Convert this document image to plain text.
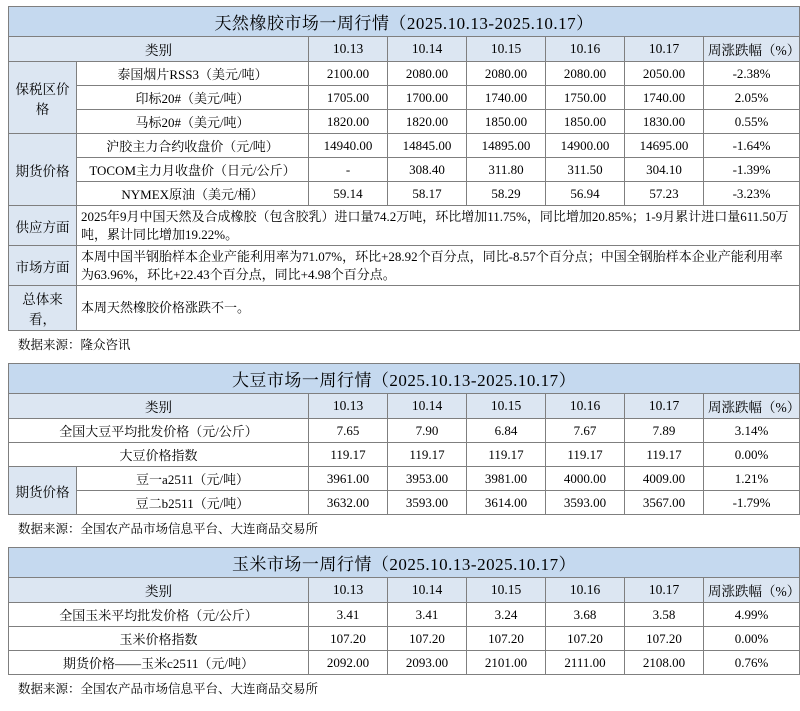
天然橡胶市场一周行情（2025.10.13-2025.10.17）							
类别		10.13	10.14	10.15	10.16	10.17	周涨跌幅（%）
保税区价格	泰国烟片RSS3（美元/吨）	2100.00	2080.00	2080.00	2080.00	2050.00	-2.38%
	印标20#（美元/吨）	1705.00	1700.00	1740.00	1750.00	1740.00	2.05%
	马标20#（美元/吨）	1820.00	1820.00	1850.00	1850.00	1830.00	0.55%
期货价格	沪胶主力合约收盘价（元/吨）	14940.00	14845.00	14895.00	14900.00	14695.00	-1.64%
	TOCOM主力月收盘价（日元/公斤）	-	308.40	311.80	311.50	304.10	-1.39%
	NYMEX原油（美元/桶）	59.14	58.17	58.29	56.94	57.23	-3.23%
供应方面	2025年9月中国天然及合成橡胶（包含胶乳）进口量74.2万吨，环比增加11.75%，同比增加20.85%；1-9月累计进口量611.50万吨，累计同比增加19.22%。						
市场方面	本周中国半钢胎样本企业产能利用率为71.07%，环比+28.92个百分点，同比-8.57个百分点；中国全钢胎样本企业产能利用率为63.96%，环比+22.43个百分点，同比+4.98个百分点。						
总体来看，	本周天然橡胶价格涨跌不一。						
数据来源：隆众咨讯
大豆市场一周行情（2025.10.13-2025.10.17）							
类别		10.13	10.14	10.15	10.16	10.17	周涨跌幅（%）
全国大豆平均批发价格（元/公斤）		7.65	7.90	6.84	7.67	7.89	3.14%
大豆价格指数		119.17	119.17	119.17	119.17	119.17	0.00%
期货价格	豆一a2511（元/吨）	3961.00	3953.00	3981.00	4000.00	4009.00	1.21%
	豆二b2511（元/吨）	3632.00	3593.00	3614.00	3593.00	3567.00	-1.79%
数据来源：全国农产品市场信息平台、大连商品交易所
玉米市场一周行情（2025.10.13-2025.10.17）						
类别	10.13	10.14	10.15	10.16	10.17	周涨跌幅（%）
全国玉米平均批发价格（元/公斤）	3.41	3.41	3.24	3.68	3.58	4.99%
玉米价格指数	107.20	107.20	107.20	107.20	107.20	0.00%
期货价格——玉米c2511（元/吨）	2092.00	2093.00	2101.00	2111.00	2108.00	0.76%
数据来源：全国农产品市场信息平台、大连商品交易所
